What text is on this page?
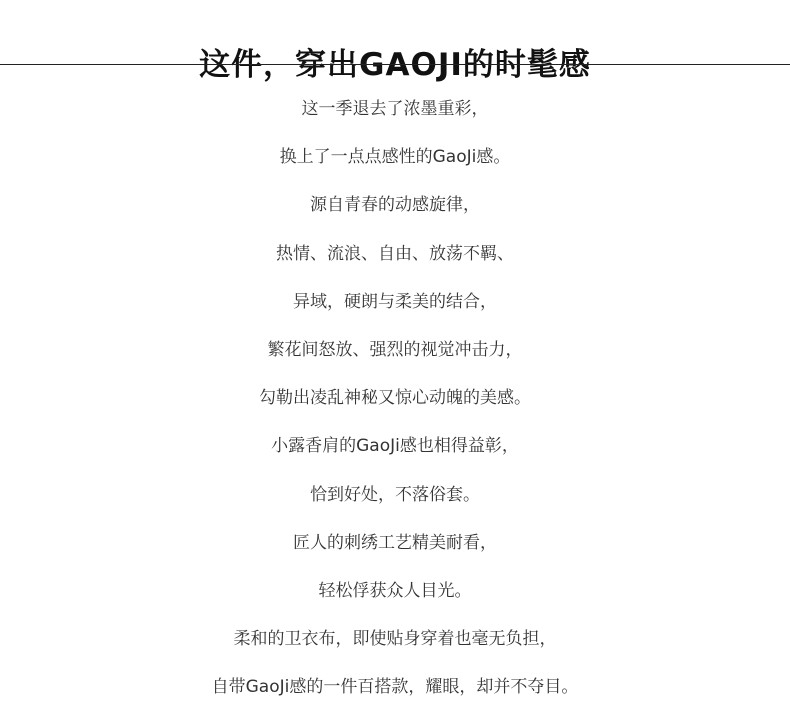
这件，穿出GAOJI的时髦感
这一季退去了浓墨重彩，
换上了一点点感性的GaoJi感。
源自青春的动感旋律，
热情、流浪、自由、放荡不羁、
异域，硬朗与柔美的结合，
繁花间怒放、强烈的视觉冲击力，
勾勒出凌乱神秘又惊心动魄的美感。
小露香肩的GaoJi感也相得益彰，
恰到好处，不落俗套。
匠人的刺绣工艺精美耐看，
轻松俘获众人目光。
柔和的卫衣布，即使贴身穿着也毫无负担，
自带GaoJi感的一件百搭款，耀眼，却并不夺目。
